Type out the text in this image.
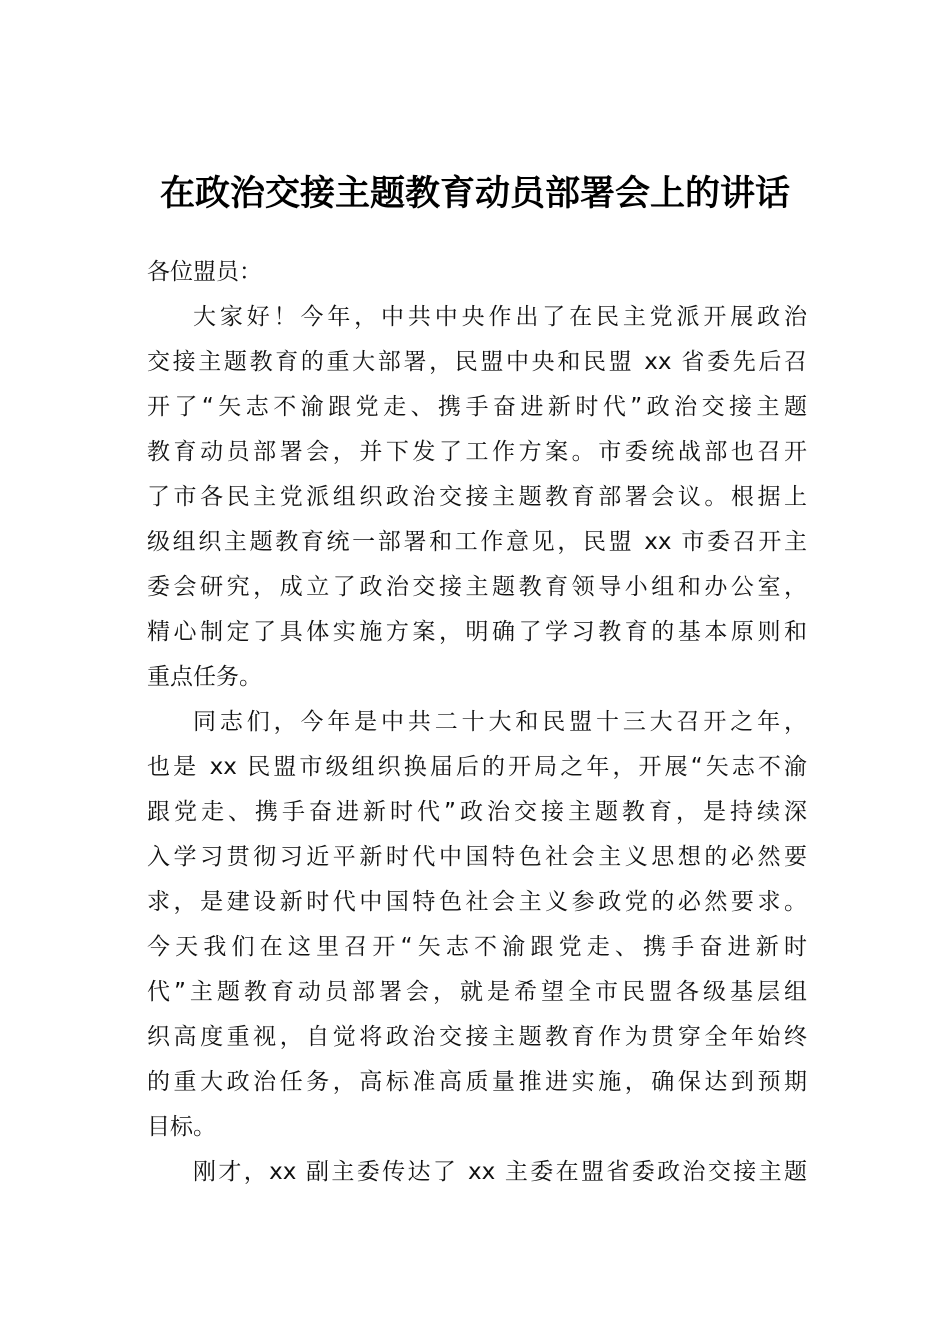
在政治交接主题教育动员部署会上的讲话
各位盟员：
大家好！今年，中共中央作出了在民主党派开展政治
交接主题教育的重大部署，民盟中央和民盟 xx 省委先后召
开了“矢志不渝跟党走、携手奋进新时代”政治交接主题
教育动员部署会，并下发了工作方案。市委统战部也召开
了市各民主党派组织政治交接主题教育部署会议。根据上
级组织主题教育统一部署和工作意见，民盟 xx 市委召开主
委会研究，成立了政治交接主题教育领导小组和办公室，
精心制定了具体实施方案，明确了学习教育的基本原则和
重点任务。
同志们，今年是中共二十大和民盟十三大召开之年，
也是 xx 民盟市级组织换届后的开局之年，开展“矢志不渝
跟党走、携手奋进新时代”政治交接主题教育，是持续深
入学习贯彻习近平新时代中国特色社会主义思想的必然要
求，是建设新时代中国特色社会主义参政党的必然要求。
今天我们在这里召开“矢志不渝跟党走、携手奋进新时
代”主题教育动员部署会，就是希望全市民盟各级基层组
织高度重视，自觉将政治交接主题教育作为贯穿全年始终
的重大政治任务，高标准高质量推进实施，确保达到预期
目标。
刚才，xx 副主委传达了 xx 主委在盟省委政治交接主题
